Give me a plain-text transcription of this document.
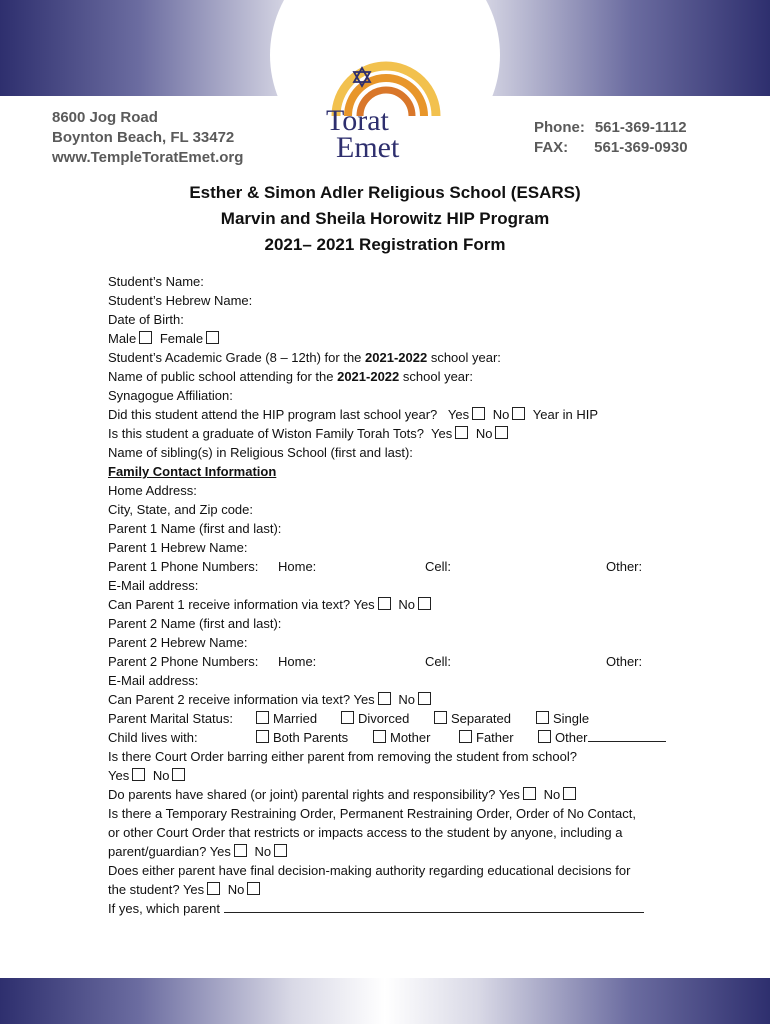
Torat
Emet
8600 Jog Road
Boynton Beach, FL 33472
www.TempleToratEmet.org
Phone: 561-369-1112
FAX: 561-369-0930
Esther & Simon Adler Religious School (ESARS)
Marvin and Sheila Horowitz HIP Program
2021– 2021 Registration Form
Student’s Name:
Student’s Hebrew Name:
Date of Birth:
Male Female
Student’s Academic Grade (8 – 12th) for the 2021-2022 school year:
Name of public school attending for the 2021-2022 school year:
Synagogue Affiliation:
Did this student attend the HIP program last school year? Yes No Year in HIP
Is this student a graduate of Wiston Family Torah Tots? Yes No
Name of sibling(s) in Religious School (first and last):
Family Contact Information
Home Address:
City, State, and Zip code:
Parent 1 Name (first and last):
Parent 1 Hebrew Name:
Parent 1 Phone Numbers: Home:	Cell:	Other:
E-Mail address:
Can Parent 1 receive information via text? Yes No
Parent 2 Name (first and last):
Parent 2 Hebrew Name:
Parent 2 Phone Numbers: Home:	Cell:	Other:
E-Mail address:
Can Parent 2 receive information via text? Yes No
Parent Marital Status:	Married	Divorced	Separated	Single
Child lives with:	Both Parents	Mother	Father	Other
Is there Court Order barring either parent from removing the student from school?
Yes No
Do parents have shared (or joint) parental rights and responsibility? Yes No
Is there a Temporary Restraining Order, Permanent Restraining Order, Order of No Contact,
or other Court Order that restricts or impacts access to the student by anyone, including a
parent/guardian? Yes No
Does either parent have final decision-making authority regarding educational decisions for
the student? Yes No
If yes, which parent
